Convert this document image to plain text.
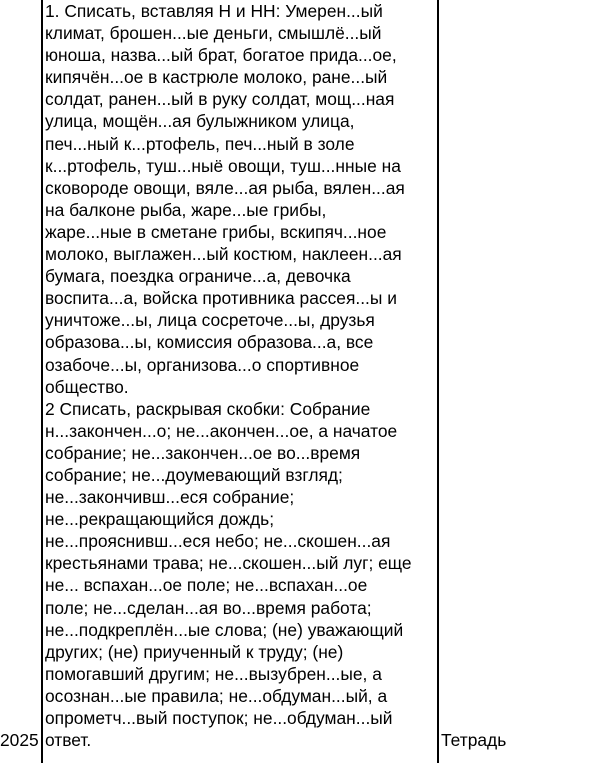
2025
1. Списать, вставляя Н и НН: Умерен...ый
климат, брошен...ые деньги, смышлё...ый
юноша, назва...ый брат, богатое прида...ое,
кипячён...ое в кастрюле молоко, ране...ый
солдат, ранен...ый в руку солдат, мощ...ная
улица, мощён...ая булыжником улица,
печ...ный к...ртофель, печ...ный в золе
к...ртофель, туш...ныё овощи, туш...нные на
сковороде овощи, вяле...ая рыба, вялен...ая
на балконе рыба, жаре...ые грибы,
жаре...ные в сметане грибы, вскипяч...ное
молоко, выглажен...ый костюм, наклеен...ая
бумага, поездка ограниче...а, девочка
воспита...а, войска противника рассея...ы и
уничтоже...ы, лица сосреточе...ы, друзья
образова...ы, комиссия образова...а, все
озабоче...ы, организова...о спортивное
общество.
2 Списать, раскрывая скобки: Собрание
н...закончен...о; не...акончен...ое, а начатое
собрание; не...закончен...ое во...время
собрание; не...доумевающий взгляд;
не...закончивш...еся собрание;
не...рекращающийся дождь;
не...прояснивш...еся небо; не...скошен...ая
крестьянами трава; не...скошен...ый луг; еще
не... вспахан...ое поле; не...вспахан...ое
поле; не...сделан...ая во...время работа;
не...подкреплён...ые слова; (не) уважающий
других; (не) приученный к труду; (не)
помогавший другим; не...вызубрен...ые, а
осознан...ые правила; не...обдуман...ый, а
опрометч...вый поступок; не...обдуман...ый
ответ.	Тетрадь
